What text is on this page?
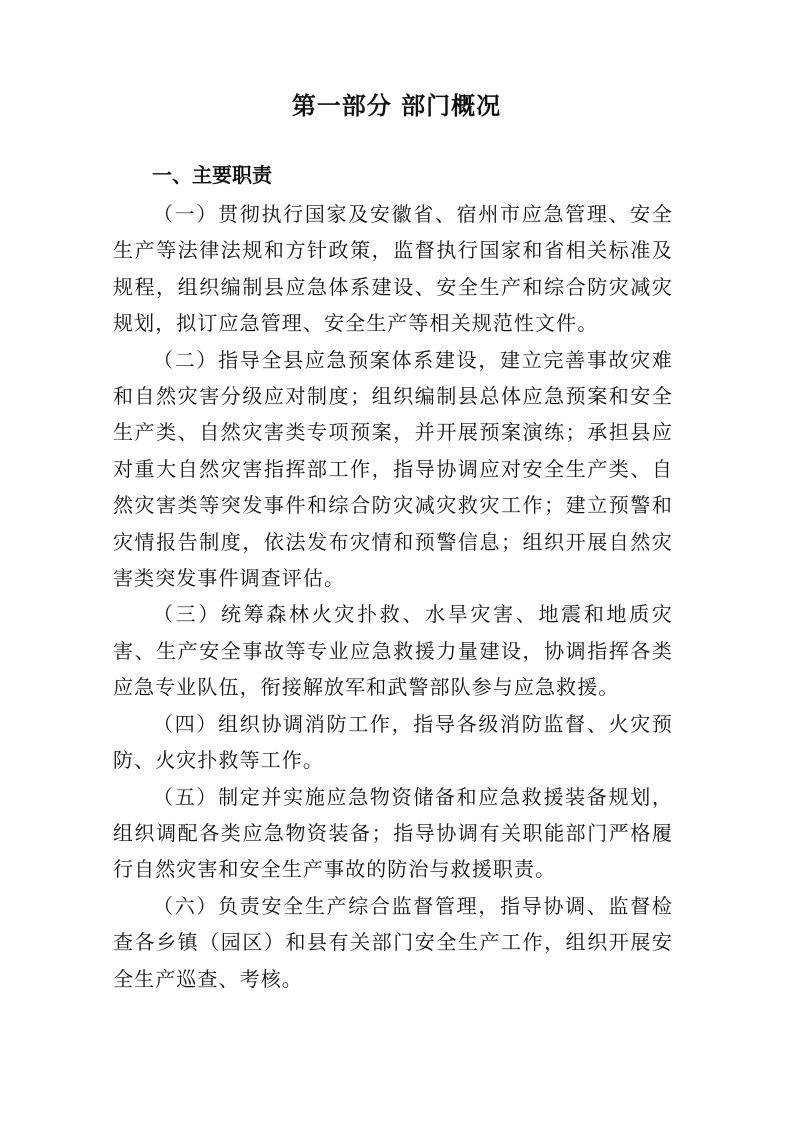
第一部分 部门概况
一、主要职责

（一）贯彻执行国家及安徽省、宿州市应急管理、安全生产等法律法规和方针政策，监督执行国家和省相关标准及规程，组织编制县应急体系建设、安全生产和综合防灾减灾规划，拟订应急管理、安全生产等相关规范性文件。

（二）指导全县应急预案体系建设，建立完善事故灾难和自然灾害分级应对制度；组织编制县总体应急预案和安全生产类、自然灾害类专项预案，并开展预案演练；承担县应对重大自然灾害指挥部工作，指导协调应对安全生产类、自然灾害类等突发事件和综合防灾减灾救灾工作；建立预警和灾情报告制度，依法发布灾情和预警信息；组织开展自然灾害类突发事件调查评估。

（三）统筹森林火灾扑救、水旱灾害、地震和地质灾害、生产安全事故等专业应急救援力量建设，协调指挥各类应急专业队伍，衔接解放军和武警部队参与应急救援。

（四）组织协调消防工作，指导各级消防监督、火灾预防、火灾扑救等工作。

（五）制定并实施应急物资储备和应急救援装备规划，组织调配各类应急物资装备；指导协调有关职能部门严格履行自然灾害和安全生产事故的防治与救援职责。

（六）负责安全生产综合监督管理，指导协调、监督检查各乡镇（园区）和县有关部门安全生产工作，组织开展安全生产巡查、考核。
